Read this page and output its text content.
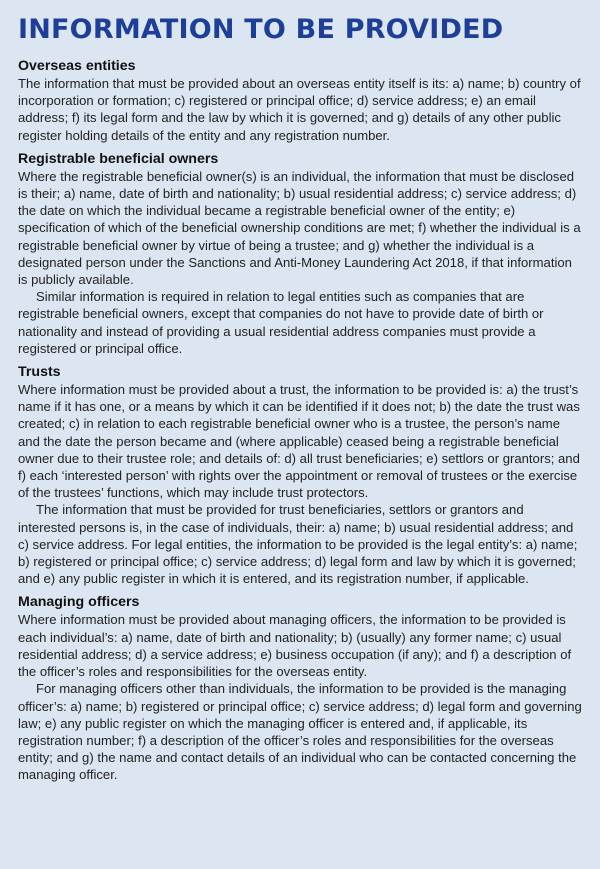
INFORMATION TO BE PROVIDED
Overseas entities

The information that must be provided about an overseas entity itself is its: a) name; b) country of incorporation or formation; c) registered or principal office; d) service address; e) an email address; f) its legal form and the law by which it is governed; and g) details of any other public register holding details of the entity and any registration number.

Registrable beneficial owners

Where the registrable beneficial owner(s) is an individual, the information that must be disclosed is their; a) name, date of birth and nationality; b) usual residential address; c) service address; d) the date on which the individual became a registrable beneficial owner of the entity; e) specification of which of the beneficial ownership conditions are met; f) whether the individual is a registrable beneficial owner by virtue of being a trustee; and g) whether the individual is a designated person under the Sanctions and Anti-Money Laundering Act 2018, if that information is publicly available.

Similar information is required in relation to legal entities such as companies that are registrable beneficial owners, except that companies do not have to provide date of birth or nationality and instead of providing a usual residential address companies must provide a registered or principal office.

Trusts

Where information must be provided about a trust, the information to be provided is: a) the trust’s name if it has one, or a means by which it can be identified if it does not; b) the date the trust was created; c) in relation to each registrable beneficial owner who is a trustee, the person’s name and the date the person became and (where applicable) ceased being a registrable beneficial owner due to their trustee role; and details of: d) all trust beneficiaries; e) settlors or grantors; and f) each ‘interested person’ with rights over the appointment or removal of trustees or the exercise of the trustees’ functions, which may include trust protectors.

The information that must be provided for trust beneficiaries, settlors or grantors and interested persons is, in the case of individuals, their: a) name; b) usual residential address; and c) service address. For legal entities, the information to be provided is the legal entity’s: a) name; b) registered or principal office; c) service address; d) legal form and law by which it is governed; and e) any public register in which it is entered, and its registration number, if applicable.

Managing officers

Where information must be provided about managing officers, the information to be provided is each individual’s: a) name, date of birth and nationality; b) (usually) any former name; c) usual residential address; d) a service address; e) business occupation (if any); and f) a description of the officer’s roles and responsibilities for the overseas entity.

For managing officers other than individuals, the information to be provided is the managing officer’s: a) name; b) registered or principal office; c) service address; d) legal form and governing law; e) any public register on which the managing officer is entered and, if applicable, its registration number; f) a description of the officer’s roles and responsibilities for the overseas entity; and g) the name and contact details of an individual who can be contacted concerning the managing officer.
